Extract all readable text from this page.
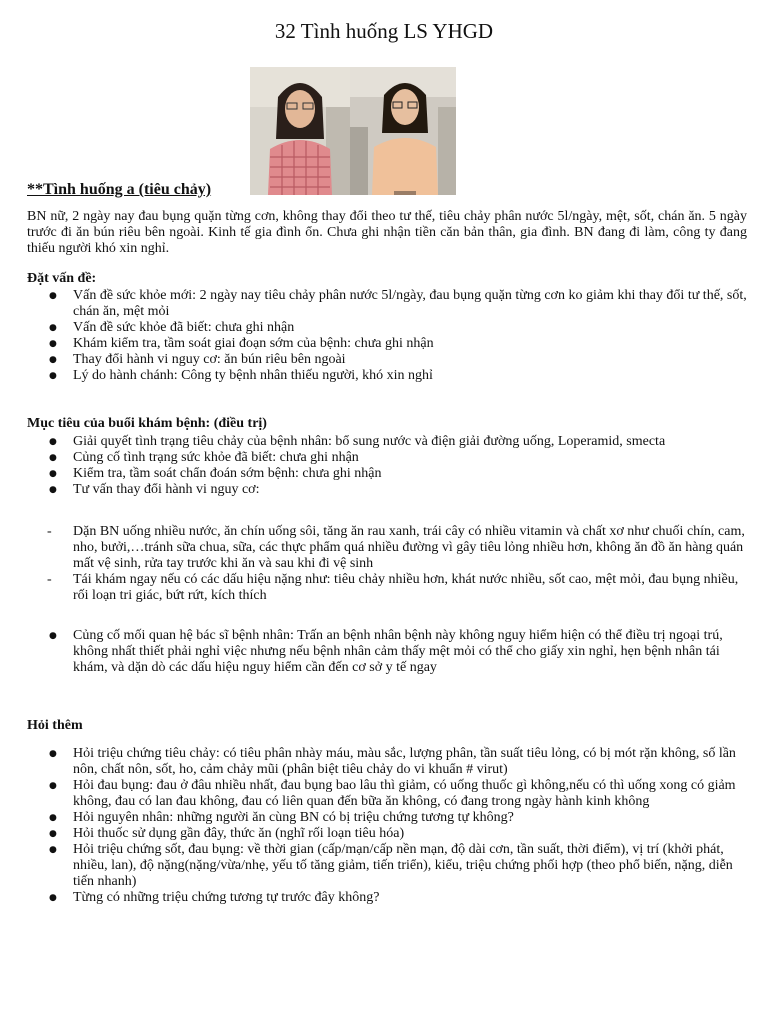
32 Tình huống LS YHGD
**Tình huống a (tiêu chảy)
BN nữ, 2 ngày nay đau bụng quặn từng cơn, không thay đổi theo tư thế, tiêu chảy phân nước 5l/ngày, mệt, sốt, chán ăn. 5 ngày trước đi ăn bún riêu bên ngoài. Kinh tế gia đình ổn. Chưa ghi nhận tiền căn bản thân, gia đình. BN đang đi làm, công ty đang thiếu người khó xin nghỉ.
Đặt vấn đề:
● Vấn đề sức khỏe mới: 2 ngày nay tiêu chảy phân nước 5l/ngày, đau bụng quặn từng cơn ko giảm khi thay đổi tư thế, sốt, chán ăn, mệt mỏi
● Vấn đề sức khỏe đã biết: chưa ghi nhận
● Khám kiểm tra, tầm soát giai đoạn sớm của bệnh: chưa ghi nhận
● Thay đổi hành vi nguy cơ: ăn bún riêu bên ngoài
● Lý do hành chánh: Công ty bệnh nhân thiếu người, khó xin nghỉ
Mục tiêu của buổi khám bệnh: (điều trị)
● Giải quyết tình trạng tiêu chảy của bệnh nhân: bổ sung nước và điện giải đường uống, Loperamid, smecta
● Củng cố tình trạng sức khỏe đã biết: chưa ghi nhận
● Kiểm tra, tầm soát chẩn đoán sớm bệnh: chưa ghi nhận
● Tư vấn thay đổi hành vi nguy cơ:
- Dặn BN uống nhiều nước, ăn chín uống sôi, tăng ăn rau xanh, trái cây có nhiều vitamin và chất xơ như chuối chín, cam, nho, bưởi,…tránh sữa chua, sữa, các thực phẩm quá nhiều đường vì gây tiêu lỏng nhiều hơn, không ăn đồ ăn hàng quán mất vệ sinh, rửa tay trước khi ăn và sau khi đi vệ sinh
- Tái khám ngay nếu có các dấu hiệu nặng như: tiêu chảy nhiều hơn, khát nước nhiều, sốt cao, mệt mỏi, đau bụng nhiều, rối loạn tri giác, bứt rứt, kích thích
● Củng cố mối quan hệ bác sĩ bệnh nhân: Trấn an bệnh nhân bệnh này không nguy hiểm hiện có thể điều trị ngoại trú, không nhất thiết phải nghỉ việc nhưng nếu bệnh nhân cảm thấy mệt mỏi có thể cho giấy xin nghỉ, hẹn bệnh nhân tái khám, và dặn dò các dấu hiệu nguy hiểm cần đến cơ sở y tế ngay
Hỏi thêm
● Hỏi triệu chứng tiêu chảy: có tiêu phân nhày máu, màu sắc, lượng phân, tần suất tiêu lỏng, có bị mót rặn không, số lần nôn, chất nôn, sốt, ho, cảm chảy mũi (phân biệt tiêu chảy do vi khuẩn # virut)
● Hỏi đau bụng: đau ở đâu nhiều nhất, đau bụng bao lâu thì giảm, có uống thuốc gì không,nếu có thì uống xong có giảm không, đau có lan đau không, đau có liên quan đến bữa ăn không, có đang trong ngày hành kinh không
● Hỏi nguyên nhân: những người ăn cùng BN có bị triệu chứng tương tự không?
● Hỏi thuốc sử dụng gần đây, thức ăn (nghĩ rối loạn tiêu hóa)
● Hỏi triệu chứng sốt, đau bụng: về thời gian (cấp/mạn/cấp nền mạn, độ dài cơn, tần suất, thời điểm), vị trí (khởi phát, nhiều, lan), độ nặng(nặng/vừa/nhẹ, yếu tố tăng giảm, tiến triển), kiểu, triệu chứng phối hợp (theo phổ biến, nặng, diễn tiến nhanh)
● Từng có những triệu chứng tương tự trước đây không?
